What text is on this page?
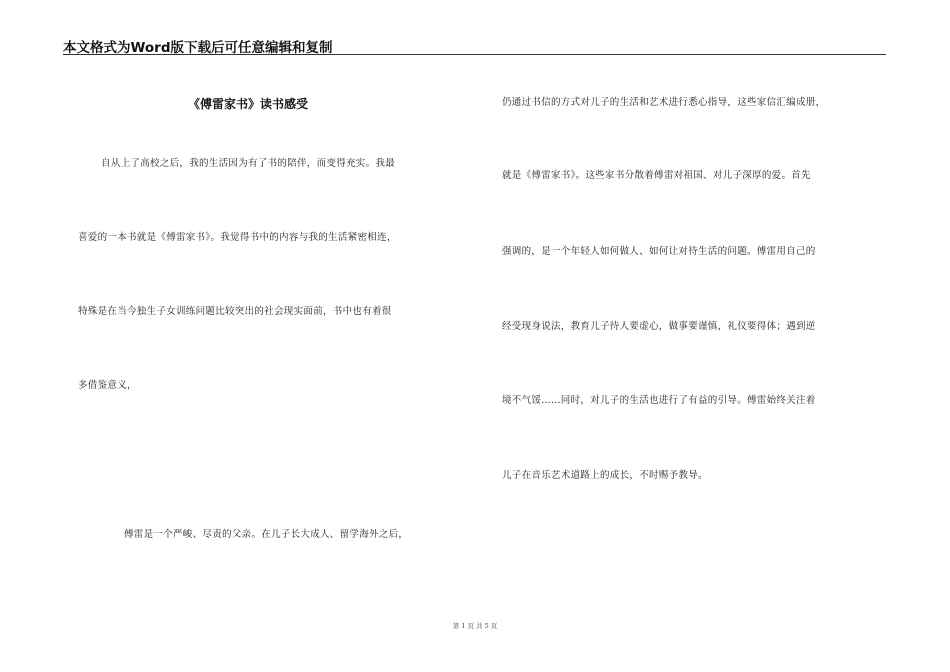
本文格式为Word版下载后可任意编辑和复制
《傅雷家书》读书感受
自从上了高校之后，我的生活因为有了书的陪伴，而变得充实。我最
喜爱的一本书就是《傅雷家书》。我觉得书中的内容与我的生活紧密相连，
特殊是在当今独生子女训练问题比较突出的社会现实面前，书中也有着很
多借鉴意义，
傅雷是一个严峻、尽责的父亲。在儿子长大成人、留学海外之后，
仍通过书信的方式对儿子的生活和艺术进行悉心指导，这些家信汇编成册，
就是《傅雷家书》。这些家书分散着傅雷对祖国、对儿子深厚的爱。首先
强调的，是一个年轻人如何做人、如何让对待生活的问题。傅雷用自己的
经受现身说法，教育儿子待人要虚心，做事要谨慎，礼仪要得体；遇到逆
境不气馁……同时，对儿子的生活也进行了有益的引导。傅雷始终关注着
儿子在音乐艺术道路上的成长，不时赐予教导。
第 1 页 共 5 页
